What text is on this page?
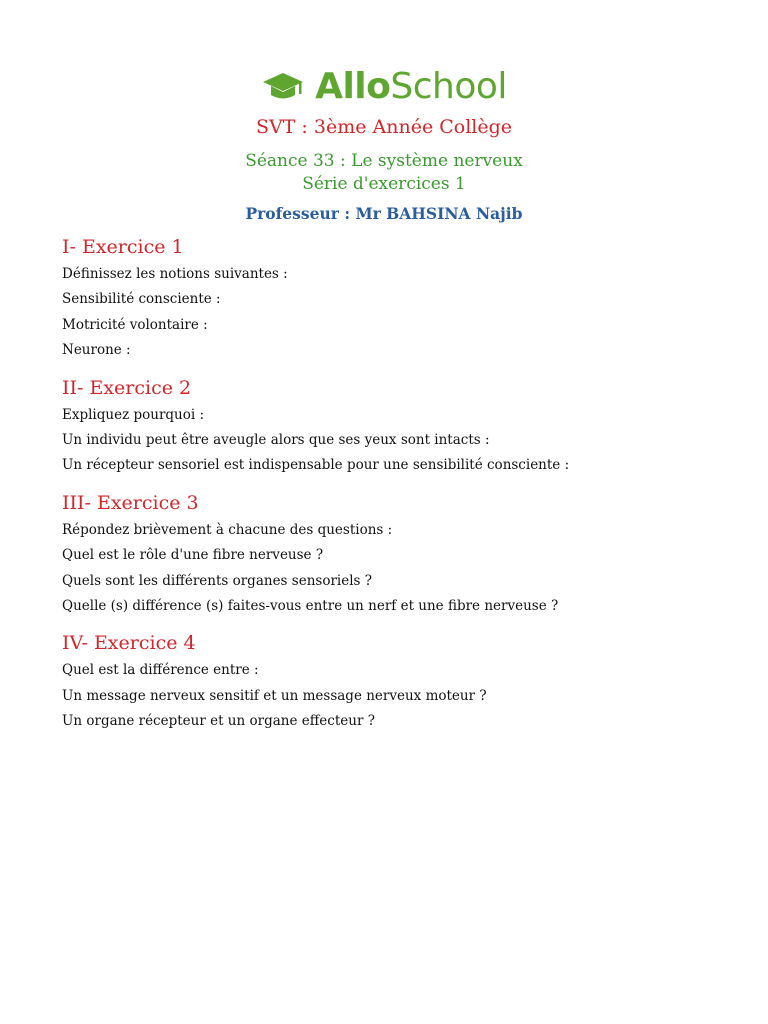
AlloSchool
SVT : 3ème Année Collège
Séance 33 : Le système nerveux
Série d'exercices 1
Professeur : Mr BAHSINA Najib
I- Exercice 1
Définissez les notions suivantes :
Sensibilité consciente :
Motricité volontaire :
Neurone :
II- Exercice 2
Expliquez pourquoi :
Un individu peut être aveugle alors que ses yeux sont intacts :
Un récepteur sensoriel est indispensable pour une sensibilité consciente :
III- Exercice 3
Répondez brièvement à chacune des questions :
Quel est le rôle d'une fibre nerveuse ?
Quels sont les différents organes sensoriels ?
Quelle (s) différence (s) faites-vous entre un nerf et une fibre nerveuse ?
IV- Exercice 4
Quel est la différence entre :
Un message nerveux sensitif et un message nerveux moteur ?
Un organe récepteur et un organe effecteur ?
